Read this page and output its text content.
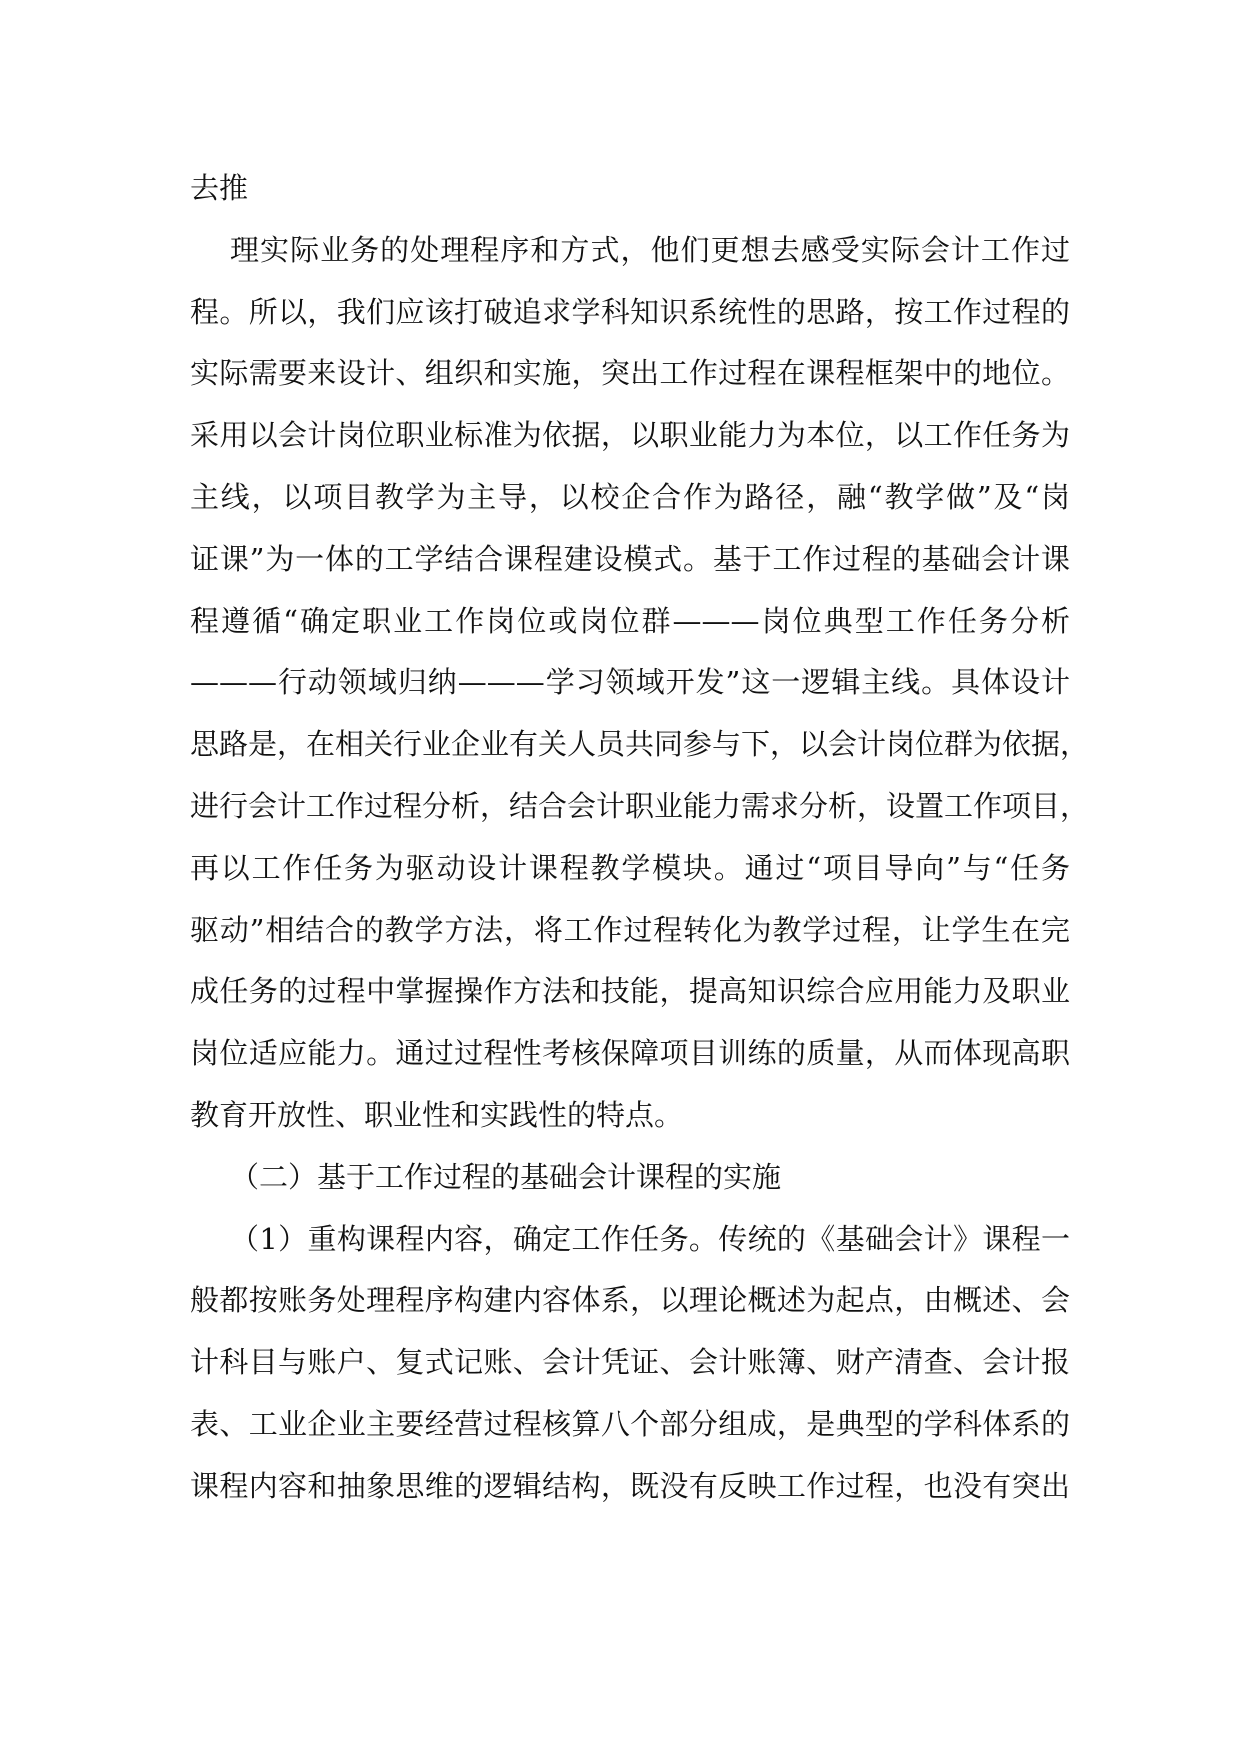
去推
理实际业务的处理程序和方式，他们更想去感受实际会计工作过
程。所以，我们应该打破追求学科知识系统性的思路，按工作过程的
实际需要来设计、组织和实施，突出工作过程在课程框架中的地位。
采用以会计岗位职业标准为依据，以职业能力为本位，以工作任务为
主线，以项目教学为主导，以校企合作为路径，融“教学做”及“岗
证课”为一体的工学结合课程建设模式。基于工作过程的基础会计课
程遵循“确定职业工作岗位或岗位群———岗位典型工作任务分析
———行动领域归纳———学习领域开发”这一逻辑主线。具体设计
思路是，在相关行业企业有关人员共同参与下，以会计岗位群为依据，
进行会计工作过程分析，结合会计职业能力需求分析，设置工作项目，
再以工作任务为驱动设计课程教学模块。通过“项目导向”与“任务
驱动”相结合的教学方法，将工作过程转化为教学过程，让学生在完
成任务的过程中掌握操作方法和技能，提高知识综合应用能力及职业
岗位适应能力。通过过程性考核保障项目训练的质量，从而体现高职
教育开放性、职业性和实践性的特点。
（二）基于工作过程的基础会计课程的实施
（1）重构课程内容，确定工作任务。传统的《基础会计》课程一
般都按账务处理程序构建内容体系，以理论概述为起点，由概述、会
计科目与账户、复式记账、会计凭证、会计账簿、财产清查、会计报
表、工业企业主要经营过程核算八个部分组成，是典型的学科体系的
课程内容和抽象思维的逻辑结构，既没有反映工作过程，也没有突出
